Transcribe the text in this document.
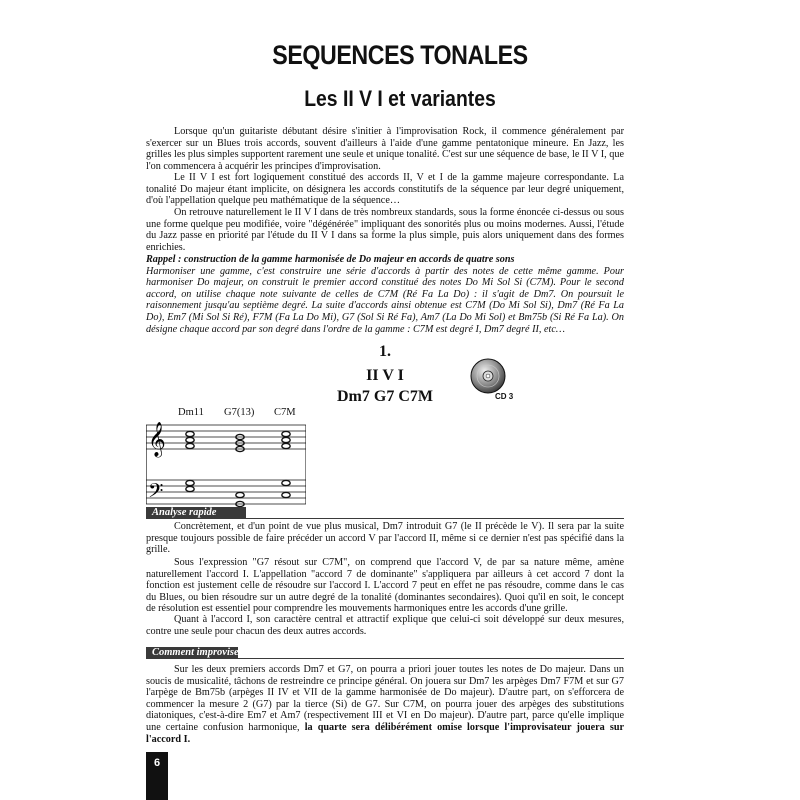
SEQUENCES TONALES
Les II V I et variantes

Lorsque qu'un guitariste débutant désire s'initier à l'improvisation Rock, il commence généralement par s'exercer sur un Blues trois accords, souvent d'ailleurs à l'aide d'une gamme pentatonique mineure. En Jazz, les grilles les plus simples supportent rarement une seule et unique tonalité. C'est sur une séquence de base, le II V I, que l'on commencera à acquérir les principes d'improvisation.

Le II V I est fort logiquement constitué des accords II, V et I de la gamme majeure correspondante. La tonalité Do majeur étant implicite, on désignera les accords constitutifs de la séquence par leur degré uniquement, d'où l'appellation quelque peu mathématique de la séquence…

On retrouve naturellement le II V I dans de très nombreux standards, sous la forme énoncée ci-dessus ou sous une forme quelque peu modifiée, voire "dégénérée" impliquant des sonorités plus ou moins modernes. Aussi, l'étude du Jazz passe en priorité par l'étude du II V I dans sa forme la plus simple, puis alors uniquement dans des formes enrichies.

Rappel : construction de la gamme harmonisée de Do majeur en accords de quatre sons
Harmoniser une gamme, c'est construire une série d'accords à partir des notes de cette même gamme. Pour harmoniser Do majeur, on construit le premier accord constitué des notes Do Mi Sol Si (C7M). Pour le second accord, on utilise chaque note suivante de celles de C7M (Ré Fa La Do) : il s'agit de Dm7. On poursuit le raisonnement jusqu'au septième degré. La suite d'accords ainsi obtenue est C7M (Do Mi Sol Si), Dm7 (Ré Fa La Do), Em7 (Mi Sol Si Ré), F7M (Fa La Do Mi), G7 (Sol Si Ré Fa), Am7 (La Do Mi Sol) et Bm75b (Si Ré Fa La). On désigne chaque accord par son degré dans l'ordre de la gamme : C7M est degré I, Dm7 degré II, etc…
1.
II V I
Dm7 G7 C7M	CD 3
Dm11 G7(13) C7M
𝄞
𝄢
Analyse rapide

Concrètement, et d'un point de vue plus musical, Dm7 introduit G7 (le II précède le V). Il sera par la suite presque toujours possible de faire précéder un accord V par l'accord II, même si ce dernier n'est pas spécifié dans la grille.

Sous l'expression "G7 résout sur C7M", on comprend que l'accord V, de par sa nature même, amène naturellement l'accord I. L'appellation "accord 7 de dominante" s'appliquera par ailleurs à cet accord 7 dont la fonction est justement celle de résoudre sur l'accord I. L'accord 7 peut en effet ne pas résoudre, comme dans le cas du Blues, ou bien résoudre sur un autre degré de la tonalité (dominantes secondaires). Quoi qu'il en soit, le concept de résolution est essentiel pour comprendre les mouvements harmoniques entre les accords d'une grille.

Quant à l'accord I, son caractère central et attractif explique que celui-ci soit développé sur deux mesures, contre une seule pour chacun des deux autres accords.

Comment improviser

Sur les deux premiers accords Dm7 et G7, on pourra a priori jouer toutes les notes de Do majeur. Dans un soucis de musicalité, tâchons de restreindre ce principe général. On jouera sur Dm7 les arpèges Dm7 F7M et sur G7 l'arpège de Bm75b (arpèges II IV et VII de la gamme harmonisée de Do majeur). D'autre part, on s'efforcera de commencer la mesure 2 (G7) par la tierce (Si) de G7. Sur C7M, on pourra jouer des arpèges des substitutions diatoniques, c'est-à-dire Em7 et Am7 (respectivement III et VI en Do majeur). D'autre part, parce qu'elle implique une certaine confusion harmonique, la quarte sera délibérément omise lorsque l'improvisateur jouera sur l'accord I.

6
